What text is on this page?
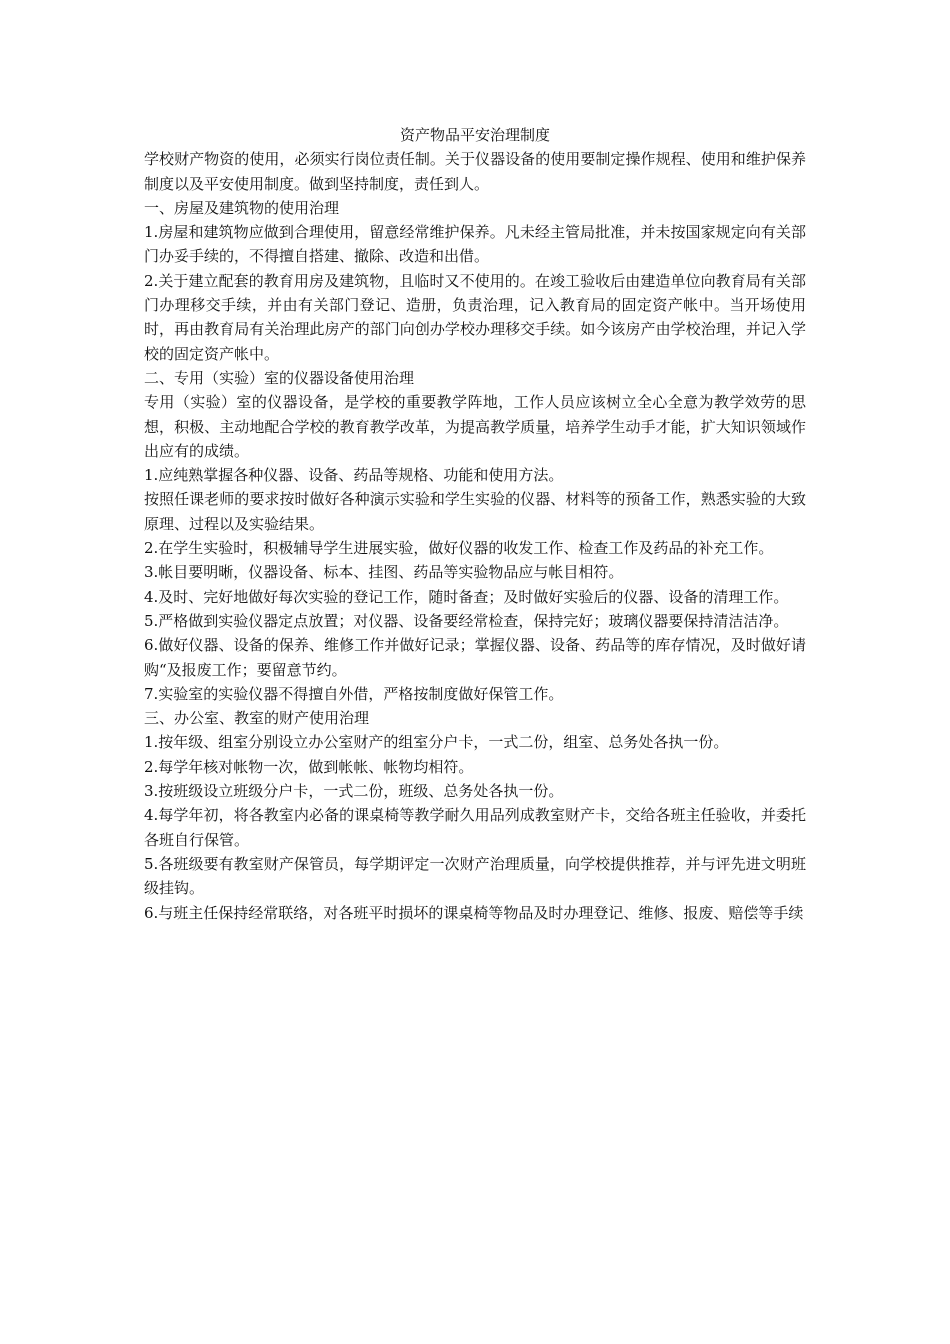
资产物品平安治理制度

学校财产物资的使用，必须实行岗位责任制。关于仪器设备的使用要制定操作规程、使用和维护保养制度以及平安使用制度。做到坚持制度，责任到人。

一、房屋及建筑物的使用治理

1.房屋和建筑物应做到合理使用，留意经常维护保养。凡未经主管局批准，并未按国家规定向有关部门办妥手续的，不得擅自搭建、撤除、改造和出借。

2.关于建立配套的教育用房及建筑物，且临时又不使用的。在竣工验收后由建造单位向教育局有关部门办理移交手续，并由有关部门登记、造册，负责治理，记入教育局的固定资产帐中。当开场使用时，再由教育局有关治理此房产的部门向创办学校办理移交手续。如今该房产由学校治理，并记入学校的固定资产帐中。

二、专用（实验）室的仪器设备使用治理

专用（实验）室的仪器设备，是学校的重要教学阵地，工作人员应该树立全心全意为教学效劳的思想，积极、主动地配合学校的教育教学改革，为提高教学质量，培养学生动手才能，扩大知识领域作出应有的成绩。

1.应纯熟掌握各种仪器、设备、药品等规格、功能和使用方法。

按照任课老师的要求按时做好各种演示实验和学生实验的仪器、材料等的预备工作，熟悉实验的大致原理、过程以及实验结果。

2.在学生实验时，积极辅导学生进展实验，做好仪器的收发工作、检查工作及药品的补充工作。

3.帐目要明晰，仪器设备、标本、挂图、药品等实验物品应与帐目相符。

4.及时、完好地做好每次实验的登记工作，随时备查；及时做好实验后的仪器、设备的清理工作。

5.严格做到实验仪器定点放置；对仪器、设备要经常检查，保持完好；玻璃仪器要保持清洁洁净。

6.做好仪器、设备的保养、维修工作并做好记录；掌握仪器、设备、药品等的库存情况，及时做好请购“及报废工作；要留意节约。

7.实验室的实验仪器不得擅自外借，严格按制度做好保管工作。

三、办公室、教室的财产使用治理

1.按年级、组室分别设立办公室财产的组室分户卡，一式二份，组室、总务处各执一份。

2.每学年核对帐物一次，做到帐帐、帐物均相符。

3.按班级设立班级分户卡，一式二份，班级、总务处各执一份。

4.每学年初，将各教室内必备的课桌椅等教学耐久用品列成教室财产卡，交给各班主任验收，并委托各班自行保管。

5.各班级要有教室财产保管员，每学期评定一次财产治理质量，向学校提供推荐，并与评先进文明班级挂钩。

6.与班主任保持经常联络，对各班平时损坏的课桌椅等物品及时办理登记、维修、报废、赔偿等手续
